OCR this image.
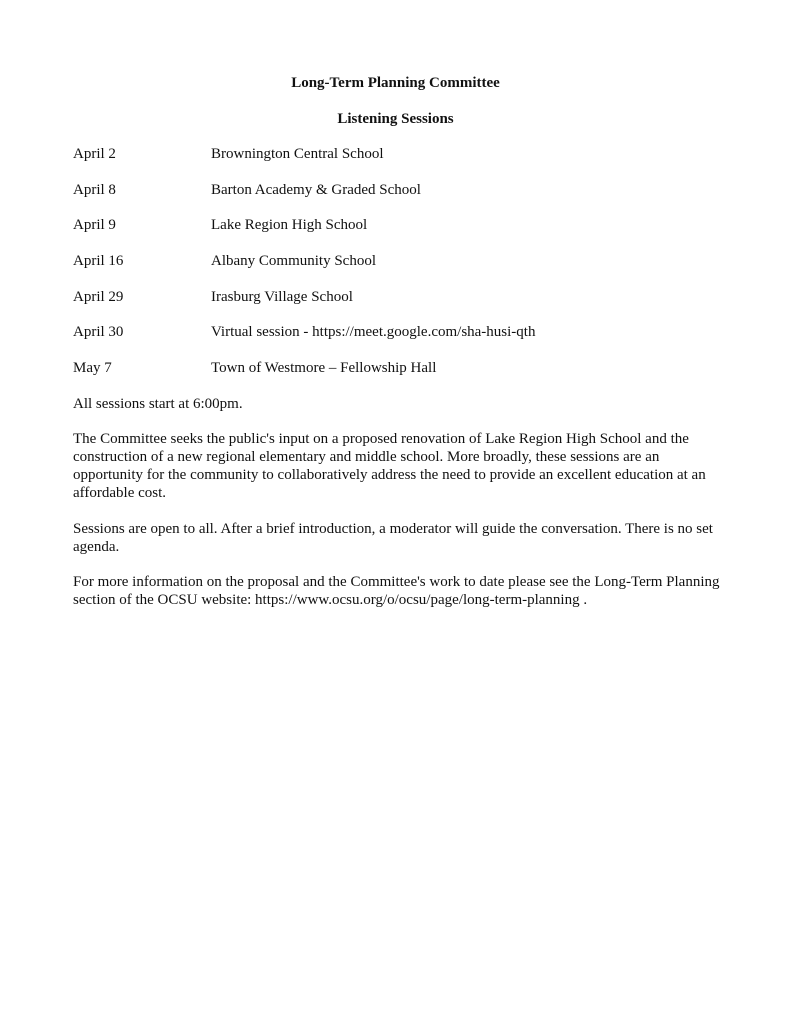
Long-Term Planning Committee
Listening Sessions
April 2	Brownington Central School
April 8	Barton Academy & Graded School
April 9	Lake Region High School
April 16	Albany Community School
April 29	Irasburg Village School
April 30	Virtual session - https://meet.google.com/sha-husi-qth
May 7	Town of Westmore – Fellowship Hall

All sessions start at 6:00pm.

The Committee seeks the public's input on a proposed renovation of Lake Region High School and the construction of a new regional elementary and middle school. More broadly, these sessions are an opportunity for the community to collaboratively address the need to provide an excellent education at an affordable cost.

Sessions are open to all. After a brief introduction, a moderator will guide the conversation. There is no set agenda.

For more information on the proposal and the Committee's work to date please see the Long-Term Planning section of the OCSU website: https://www.ocsu.org/o/ocsu/page/long-term-planning .
